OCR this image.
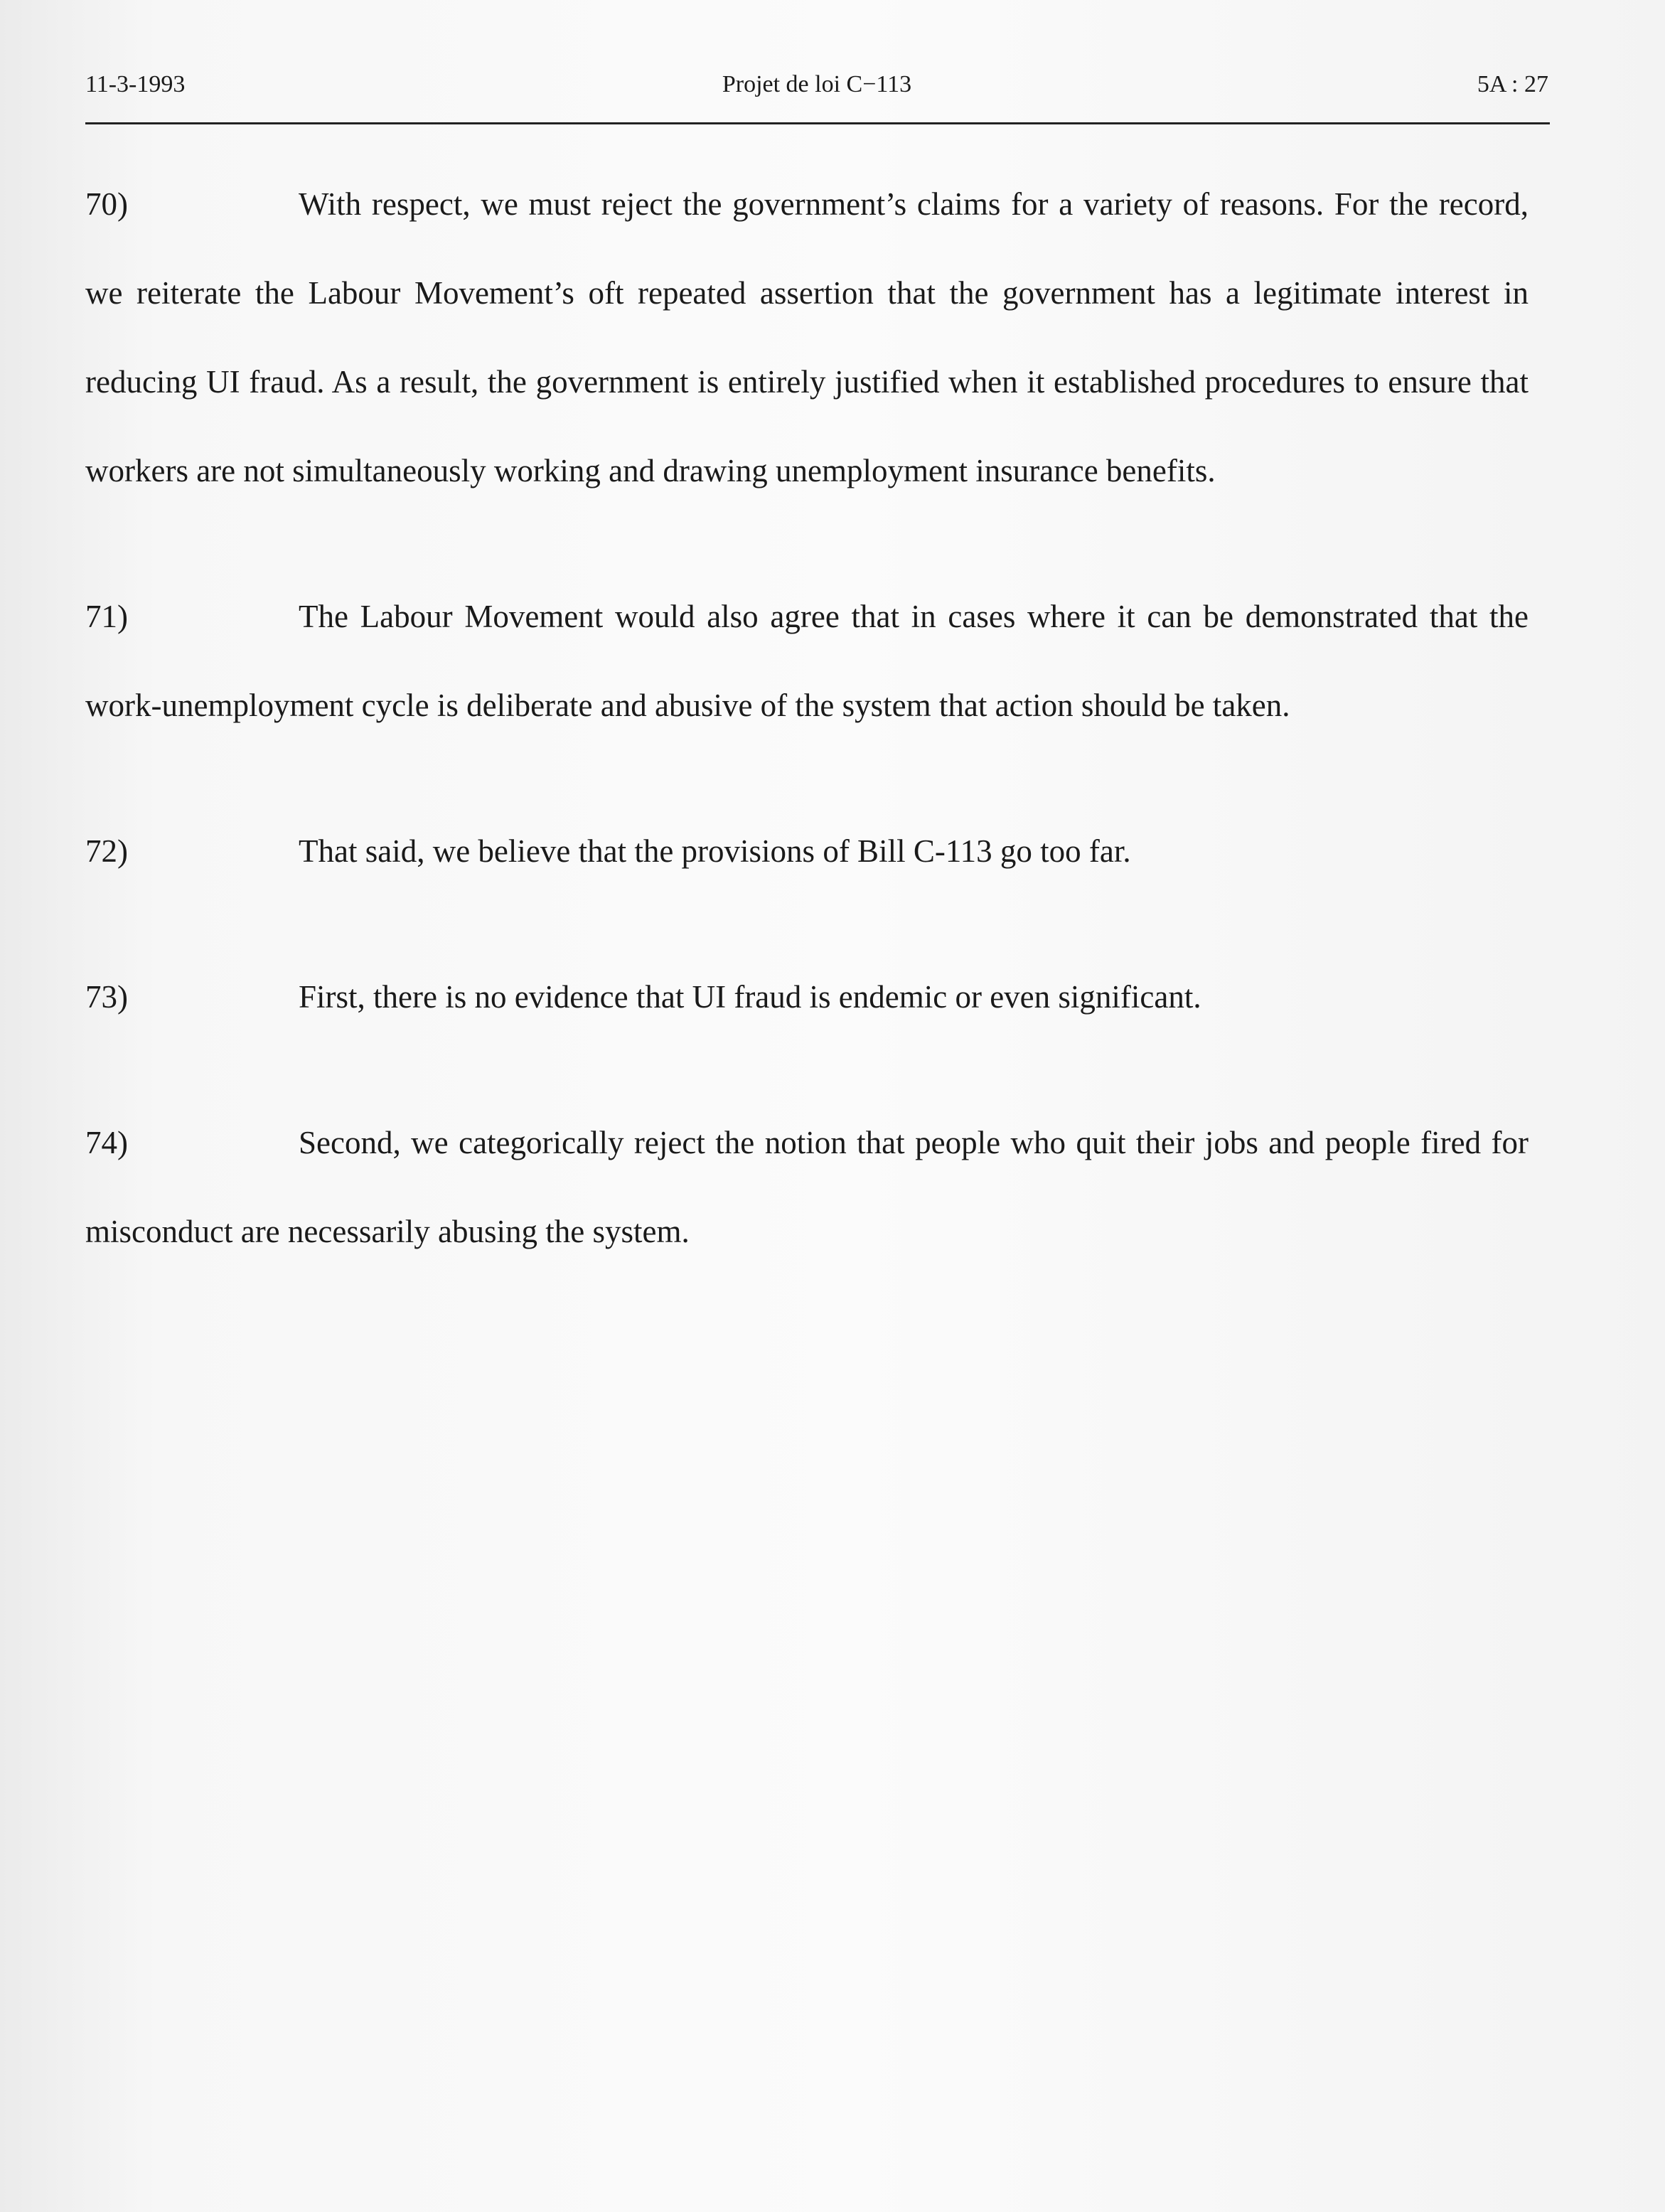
11-3-1993	Projet de loi C−113	5A : 27

70)	With respect, we must reject the government’s claims for a variety of reasons. For the record, we reiterate the Labour Movement’s oft repeated assertion that the government has a legitimate interest in reducing UI fraud. As a result, the government is entirely justified when it established procedures to ensure that workers are not simultaneously working and drawing unemployment insurance benefits.

71)	The Labour Movement would also agree that in cases where it can be demonstrated that the work-unemployment cycle is deliberate and abusive of the system that action should be taken.

72)	That said, we believe that the provisions of Bill C-113 go too far.

73)	First, there is no evidence that UI fraud is endemic or even significant.

74)	Second, we categorically reject the notion that people who quit their jobs and people fired for misconduct are necessarily abusing the system.
